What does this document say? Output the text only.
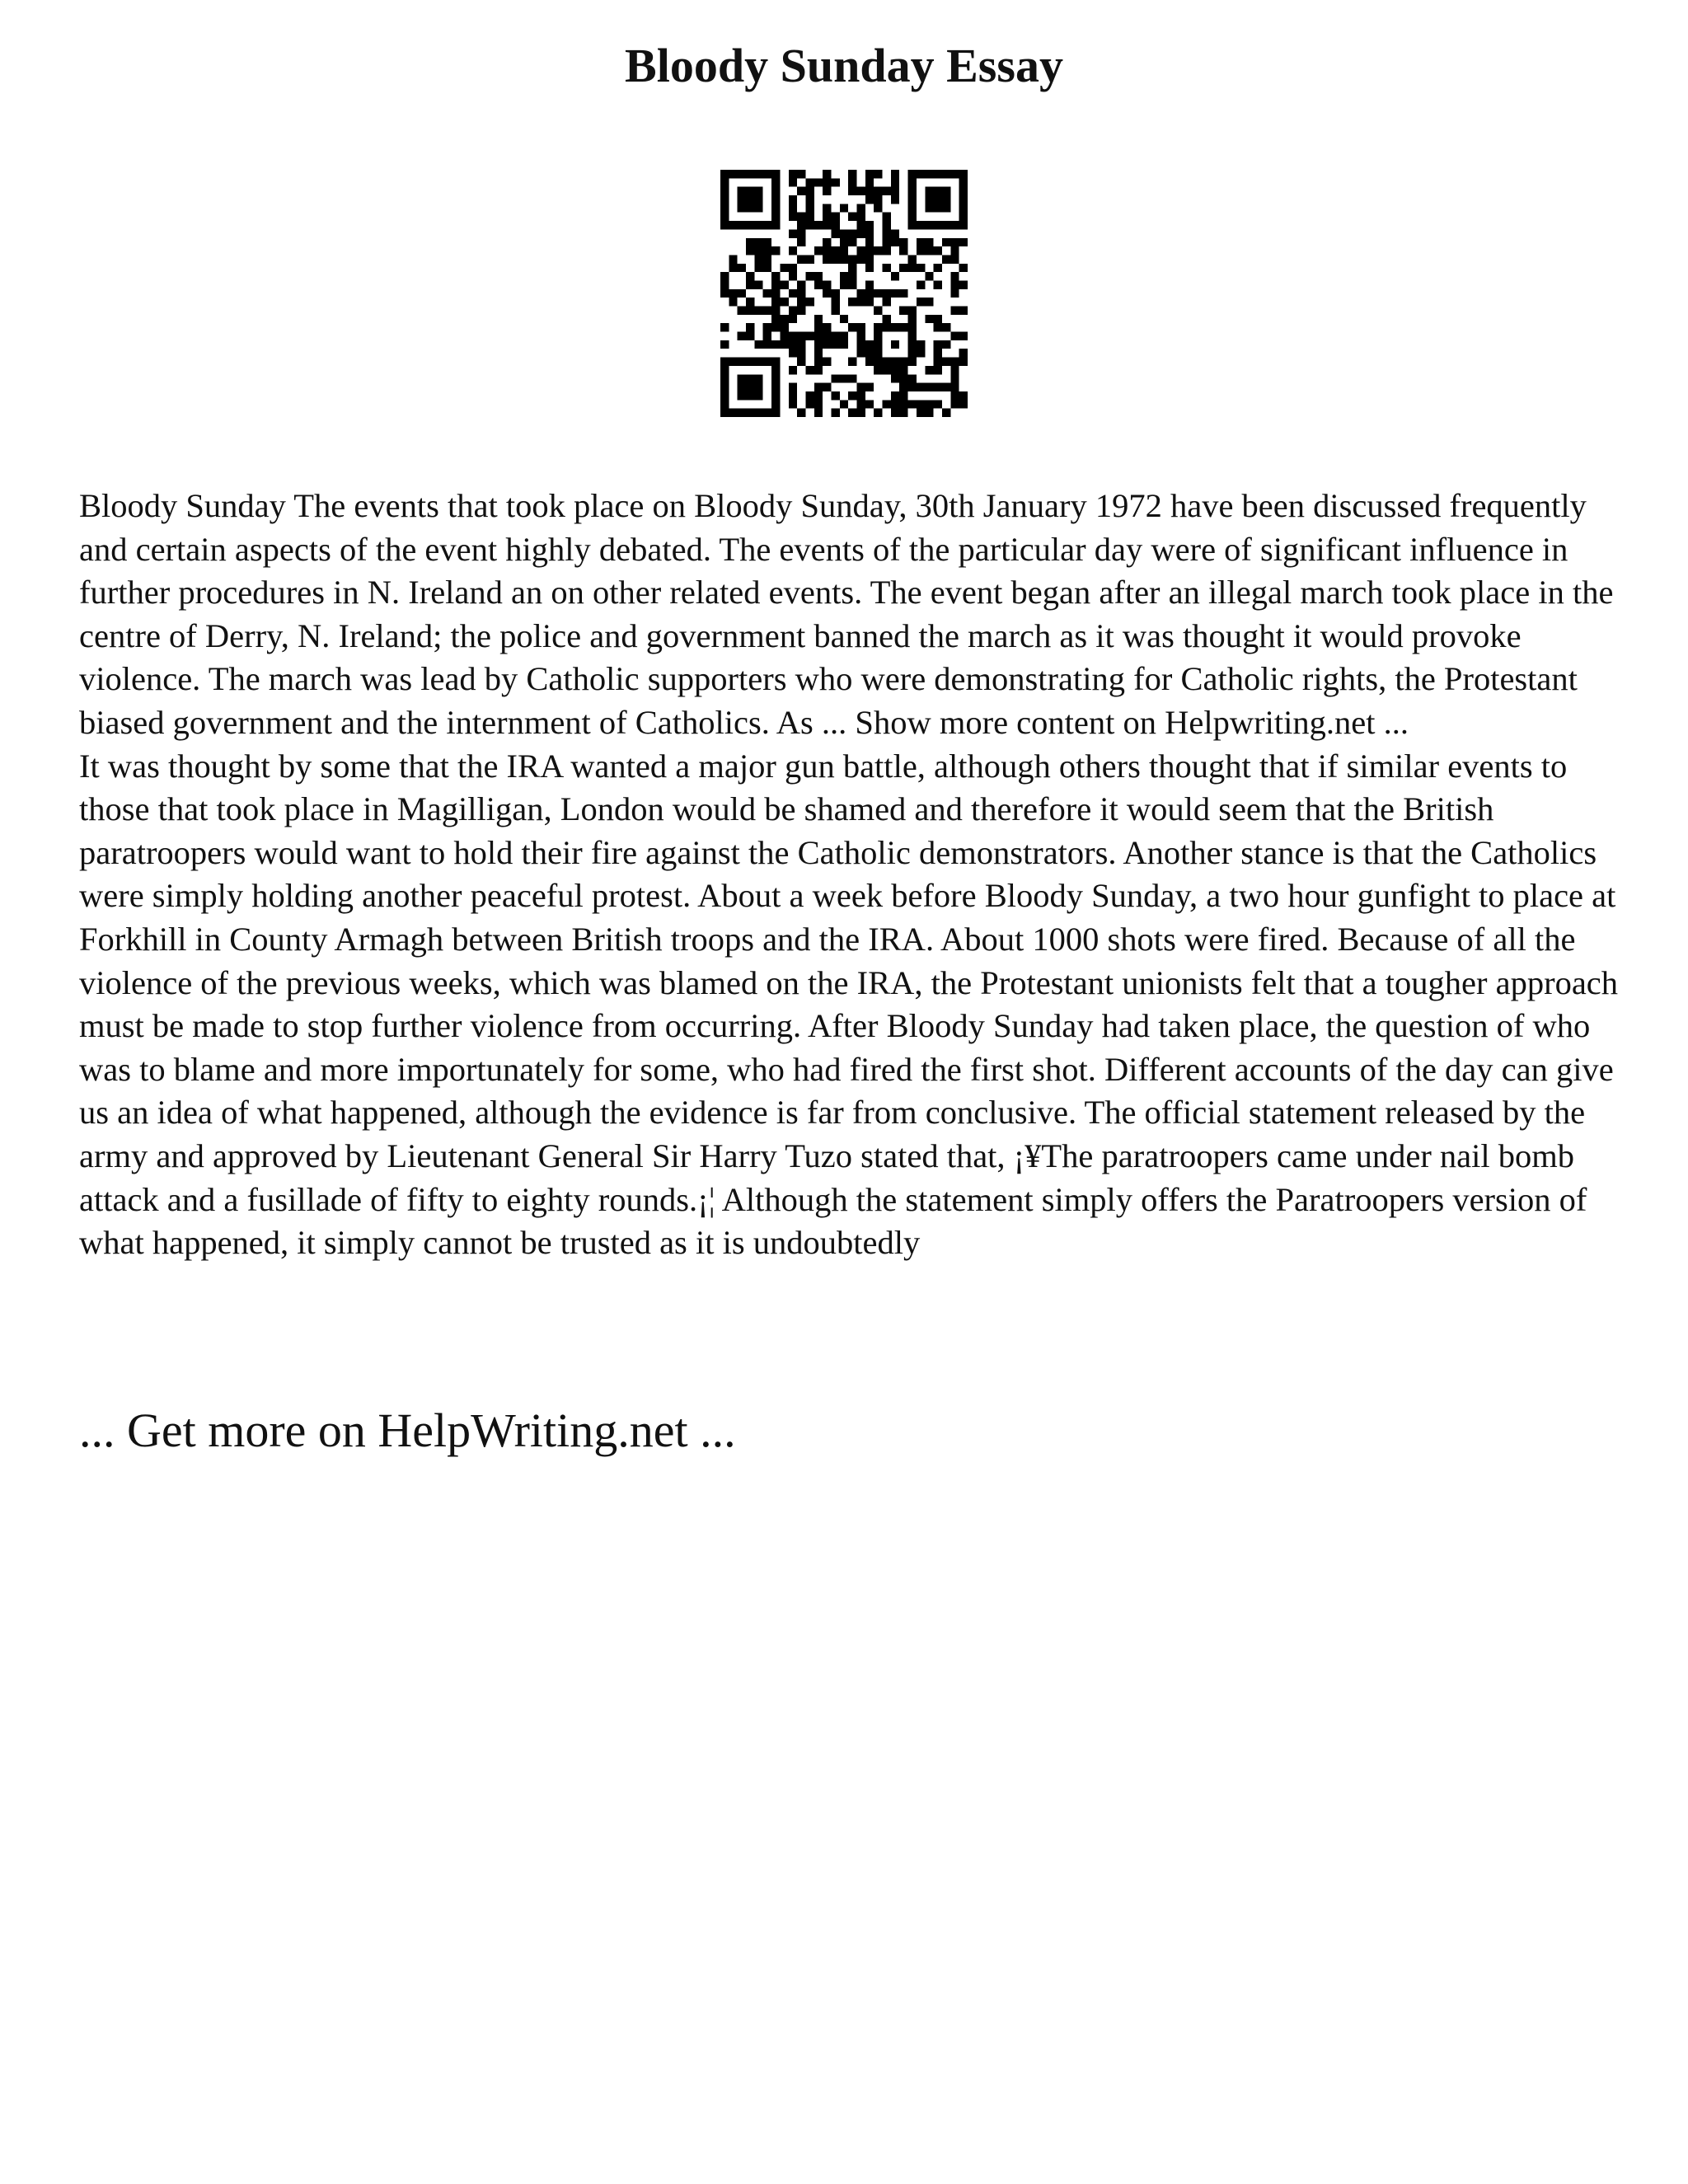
Bloody Sunday Essay

Bloody Sunday The events that took place on Bloody Sunday, 30th January 1972 have been discussed frequently and certain aspects of the event highly debated. The events of the particular day were of significant influence in further procedures in N. Ireland an on other related events. The event began after an illegal march took place in the centre of Derry, N. Ireland; the police and government banned the march as it was thought it would provoke violence. The march was lead by Catholic supporters who were demonstrating for Catholic rights, the Protestant biased government and the internment of Catholics. As ... Show more content on Helpwriting.net ...

It was thought by some that the IRA wanted a major gun battle, although others thought that if similar events to those that took place in Magilligan, London would be shamed and therefore it would seem that the British paratroopers would want to hold their fire against the Catholic demonstrators. Another stance is that the Catholics were simply holding another peaceful protest. About a week before Bloody Sunday, a two hour gunfight to place at Forkhill in County Armagh between British troops and the IRA. About 1000 shots were fired. Because of all the violence of the previous weeks, which was blamed on the IRA, the Protestant unionists felt that a tougher approach must be made to stop further violence from occurring. After Bloody Sunday had taken place, the question of who was to blame and more importunately for some, who had fired the first shot. Different accounts of the day can give us an idea of what happened, although the evidence is far from conclusive. The official statement released by the army and approved by Lieutenant General Sir Harry Tuzo stated that, ¡¥The paratroopers came under nail bomb attack and a fusillade of fifty to eighty rounds.¡¦ Although the statement simply offers the Paratroopers version of what happened, it simply cannot be trusted as it is undoubtedly

... Get more on HelpWriting.net ...
